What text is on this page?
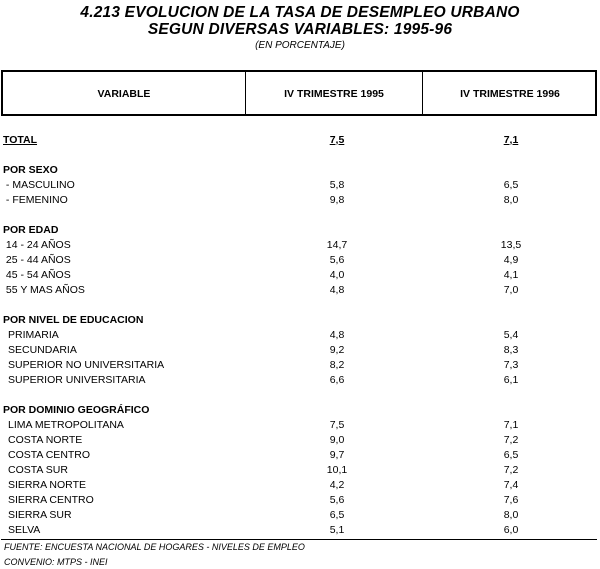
4.213 EVOLUCION DE LA TASA DE DESEMPLEO URBANO
SEGUN DIVERSAS VARIABLES: 1995-96
(EN PORCENTAJE)
VARIABLE	IV TRIMESTRE 1995	IV TRIMESTRE 1996
TOTAL	7,5	7,1
POR SEXO
- MASCULINO	5,8	6,5
- FEMENINO	9,8	8,0
POR EDAD
14 - 24 AÑOS	14,7	13,5
25 - 44 AÑOS	5,6	4,9
45 - 54 AÑOS	4,0	4,1
55 Y MAS AÑOS	4,8	7,0
POR NIVEL DE EDUCACION
PRIMARIA	4,8	5,4
SECUNDARIA	9,2	8,3
SUPERIOR NO UNIVERSITARIA	8,2	7,3
SUPERIOR UNIVERSITARIA	6,6	6,1
POR DOMINIO GEOGRÁFICO
LIMA METROPOLITANA	7,5	7,1
COSTA NORTE	9,0	7,2
COSTA CENTRO	9,7	6,5
COSTA SUR	10,1	7,2
SIERRA NORTE	4,2	7,4
SIERRA CENTRO	5,6	7,6
SIERRA SUR	6,5	8,0
SELVA	5,1	6,0
FUENTE: ENCUESTA NACIONAL DE HOGARES - NIVELES DE EMPLEO
CONVENIO: MTPS - INEI
